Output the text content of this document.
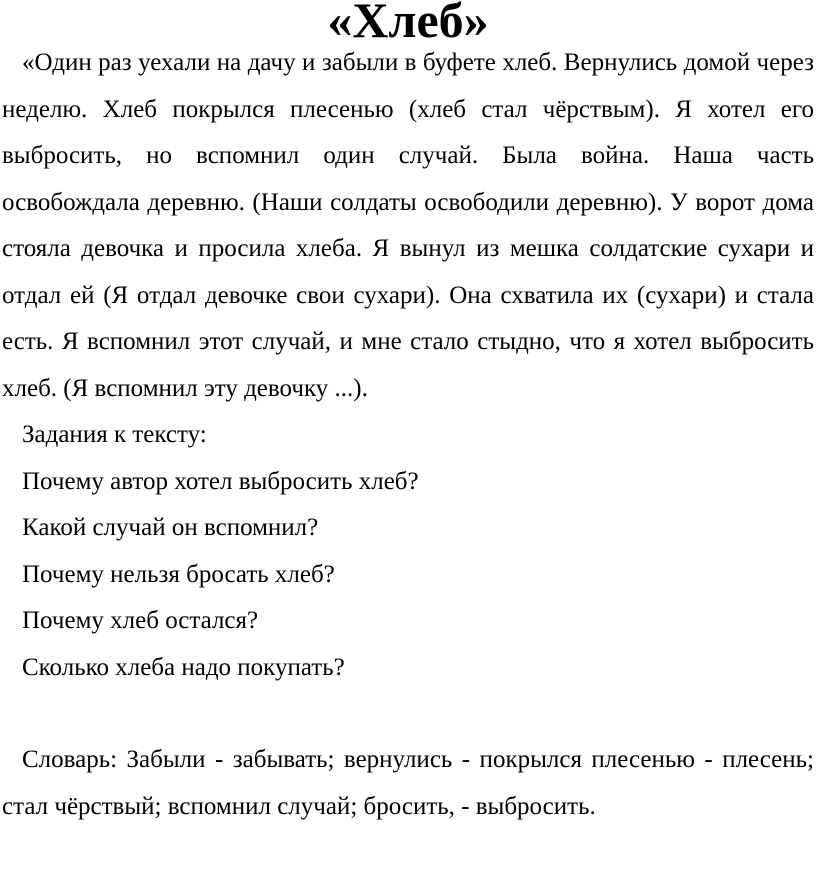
«Хлеб»

«Один раз уехали на дачу и забыли в буфете хлеб. Вернулись домой через неделю. Хлеб покрылся плесенью (хлеб стал чёрствым). Я хотел его выбросить, но вспомнил один случай. Была война. Наша часть освобождала деревню. (Наши солдаты освободили деревню). У ворот дома стояла девочка и просила хлеба. Я вынул из мешка солдатские сухари и отдал ей (Я отдал девочке свои сухари). Она схватила их (сухари) и стала есть. Я вспомнил этот случай, и мне стало стыдно, что я хотел выбросить хлеб. (Я вспомнил эту девочку ...).

Задания к тексту:
Почему автор хотел выбросить хлеб?
Какой случай он вспомнил?
Почему нельзя бросать хлеб?
Почему хлеб остался?
Сколько хлеба надо покупать?

Словарь: Забыли - забывать; вернулись - покрылся плесенью - плесень; стал чёрствый; вспомнил случай; бросить, - выбросить.
